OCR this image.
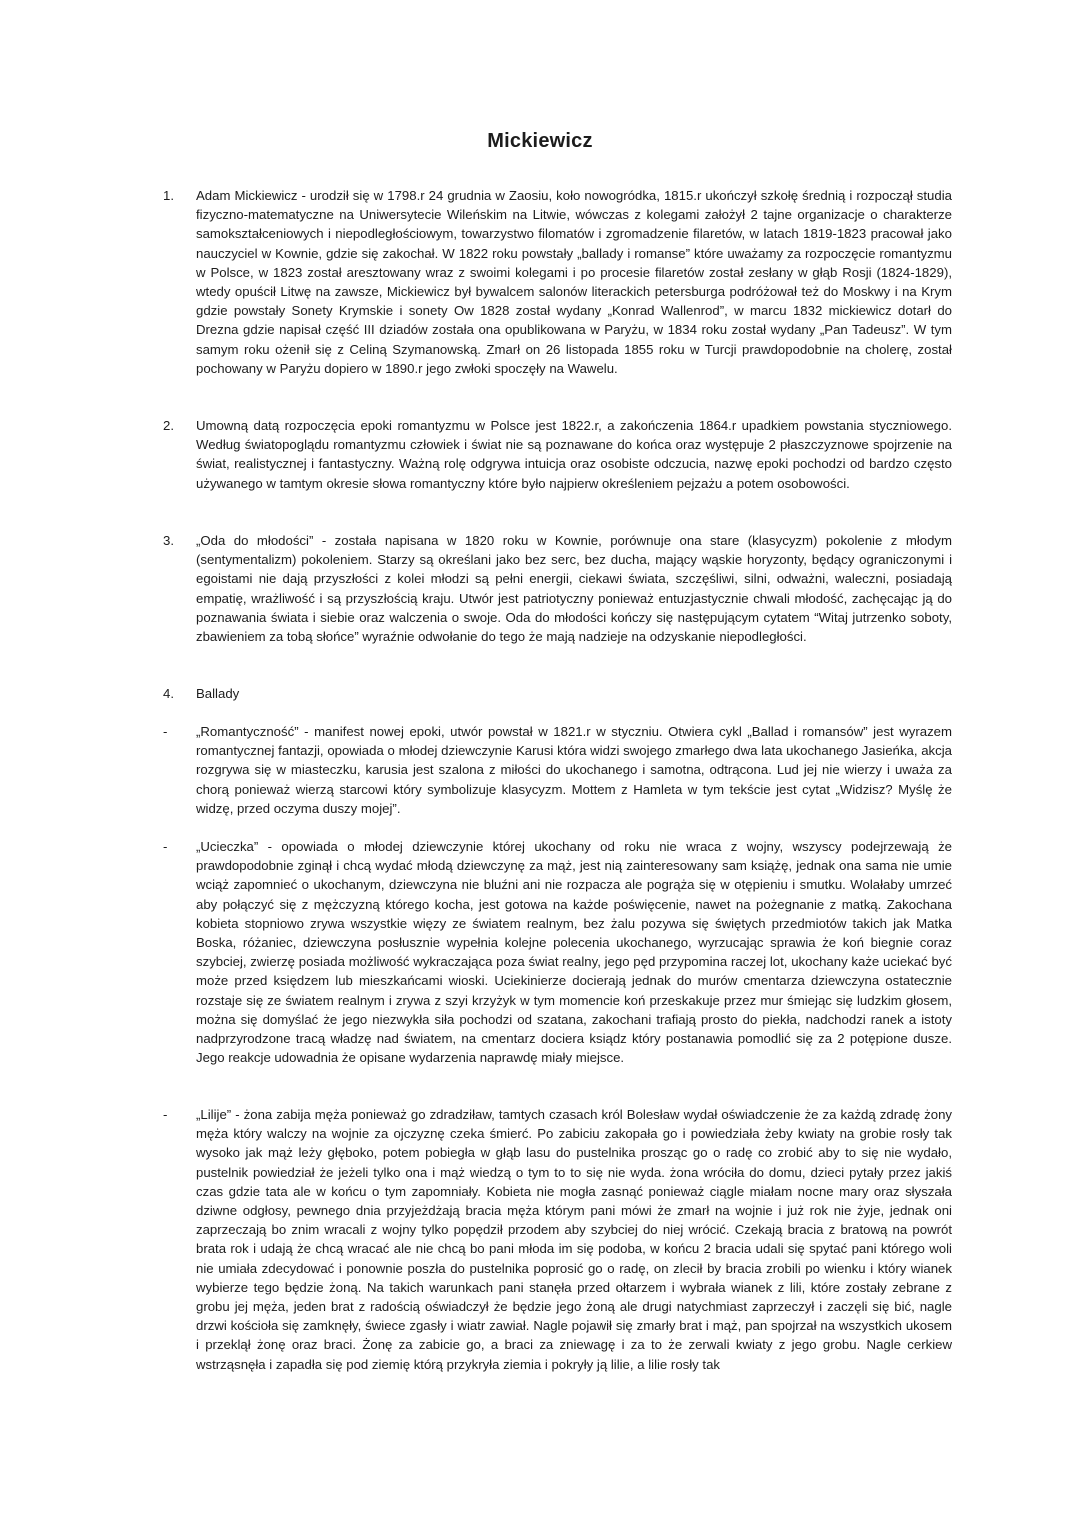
Mickiewicz
1. Adam Mickiewicz - urodził się w 1798.r 24 grudnia w Zaosiu, koło nowogródka, 1815.r ukończył szkołę średnią i rozpoczął studia fizyczno-matematyczne na Uniwersytecie Wileńskim na Litwie, wówczas z kolegami założył 2 tajne organizacje o charakterze samokształceniowych i niepodległościowym, towarzystwo filomatów i zgromadzenie filaretów, w latach 1819-1823 pracował jako nauczyciel w Kownie, gdzie się zakochał. W 1822 roku powstały „ballady i romanse” które uważamy za rozpoczęcie romantyzmu w Polsce, w 1823 został aresztowany wraz z swoimi kolegami i po procesie filaretów został zesłany w głąb Rosji (1824-1829), wtedy opuścił Litwę na zawsze, Mickiewicz był bywalcem salonów literackich petersburga podróżował też do Moskwy i na Krym gdzie powstały Sonety Krymskie i sonety Ow 1828 został wydany „Konrad Wallenrod”, w marcu 1832 mickiewicz dotarł do Drezna gdzie napisał część III dziadów została ona opublikowana w Paryżu, w 1834 roku został wydany „Pan Tadeusz”. W tym samym roku ożenił się z Celiną Szymanowską. Zmarł on 26 listopada 1855 roku w Turcji prawdopodobnie na cholerę, został pochowany w Paryżu dopiero w 1890.r jego zwłoki spoczęły na Wawelu.
2. Umowną datą rozpoczęcia epoki romantyzmu w Polsce jest 1822.r, a zakończenia 1864.r upadkiem powstania styczniowego. Według światopoglądu romantyzmu człowiek i świat nie są poznawane do końca oraz występuje 2 płaszczyznowe spojrzenie na świat, realistycznej i fantastyczny. Ważną rolę odgrywa intuicja oraz osobiste odczucia, nazwę epoki pochodzi od bardzo często używanego w tamtym okresie słowa romantyczny które było najpierw określeniem pejzażu a potem osobowości.
3. „Oda do młodości” - została napisana w 1820 roku w Kownie, porównuje ona stare (klasycyzm) pokolenie z młodym (sentymentalizm) pokoleniem. Starzy są określani jako bez serc, bez ducha, mający wąskie horyzonty, będący ograniczonymi i egoistami nie dają przyszłości z kolei młodzi są pełni energii, ciekawi świata, szczęśliwi, silni, odważni, waleczni, posiadają empatię, wrażliwość i są przyszłością kraju. Utwór jest patriotyczny ponieważ entuzjastycznie chwali młodość, zachęcając ją do poznawania świata i siebie oraz walczenia o swoje. Oda do młodości kończy się następującym cytatem “Witaj jutrzenko soboty, zbawieniem za tobą słońce” wyraźnie odwołanie do tego że mają nadzieje na odzyskanie niepodległości.
4. Ballady
- „Romantyczność” - manifest nowej epoki, utwór powstał w 1821.r w styczniu. Otwiera cykl „Ballad i romansów” jest wyrazem romantycznej fantazji, opowiada o młodej dziewczynie Karusi która widzi swojego zmarłego dwa lata ukochanego Jasieńka, akcja rozgrywa się w miasteczku, karusia jest szalona z miłości do ukochanego i samotna, odtrącona. Lud jej nie wierzy i uważa za chorą ponieważ wierzą starcowi który symbolizuje klasycyzm. Mottem z Hamleta w tym tekście jest cytat „Widzisz? Myślę że widzę, przed oczyma duszy mojej”.
- „Ucieczka” - opowiada o młodej dziewczynie której ukochany od roku nie wraca z wojny, wszyscy podejrzewają że prawdopodobnie zginął i chcą wydać młodą dziewczynę za mąż, jest nią zainteresowany sam książę, jednak ona sama nie umie wciąż zapomnieć o ukochanym, dziewczyna nie bluźni ani nie rozpacza ale pogrąża się w otępieniu i smutku. Wolałaby umrzeć aby połączyć się z mężczyzną którego kocha, jest gotowa na każde poświęcenie, nawet na pożegnanie z matką. Zakochana kobieta stopniowo zrywa wszystkie więzy ze światem realnym, bez żalu pozywa się świętych przedmiotów takich jak Matka Boska, różaniec, dziewczyna posłusznie wypełnia kolejne polecenia ukochanego, wyrzucając sprawia że koń biegnie coraz szybciej, zwierzę posiada możliwość wykraczająca poza świat realny, jego pęd przypomina raczej lot, ukochany każe uciekać być może przed księdzem lub mieszkańcami wioski. Uciekinierze docierają jednak do murów cmentarza dziewczyna ostatecznie rozstaje się ze światem realnym i zrywa z szyi krzyżyk w tym momencie koń przeskakuje przez mur śmiejąc się ludzkim głosem, można się domyślać że jego niezwykła siła pochodzi od szatana, zakochani trafiają prosto do piekła, nadchodzi ranek a istoty nadprzyrodzone tracą władzę nad światem, na cmentarz dociera ksiądz który postanawia pomodlić się za 2 potępione dusze. Jego reakcje udowadnia że opisane wydarzenia naprawdę miały miejsce.
- „Lilije” - żona zabija męża ponieważ go zdradziław, tamtych czasach król Bolesław wydał oświadczenie że za każdą zdradę żony męża który walczy na wojnie za ojczyznę czeka śmierć. Po zabiciu zakopała go i powiedziała żeby kwiaty na grobie rosły tak wysoko jak mąż leży głęboko, potem pobiegła w głąb lasu do pustelnika prosząc go o radę co zrobić aby to się nie wydało, pustelnik powiedział że jeżeli tylko ona i mąż wiedzą o tym to to się nie wyda. żona wróciła do domu, dzieci pytały przez jakiś czas gdzie tata ale w końcu o tym zapomniały. Kobieta nie mogła zasnąć ponieważ ciągle miałam nocne mary oraz słyszała dziwne odgłosy, pewnego dnia przyjeżdżają bracia męża którym pani mówi że zmarł na wojnie i już rok nie żyje, jednak oni zaprzeczają bo znim wracali z wojny tylko popędził przodem aby szybciej do niej wrócić. Czekają bracia z bratową na powrót brata rok i udają że chcą wracać ale nie chcą bo pani młoda im się podoba, w końcu 2 bracia udali się spytać pani którego woli nie umiała zdecydować i ponownie poszła do pustelnika poprosić go o radę, on zlecił by bracia zrobili po wienku i który wianek wybierze tego będzie żoną. Na takich warunkach pani stanęła przed ołtarzem i wybrała wianek z lili, które zostały zebrane z grobu jej męża, jeden brat z radością oświadczył że będzie jego żoną ale drugi natychmiast zaprzeczył i zaczęli się bić, nagle drzwi kościoła się zamknęły, świece zgasły i wiatr zawiał. Nagle pojawił się zmarły brat i mąż, pan spojrzał na wszystkich ukosem i przeklął żonę oraz braci. Żonę za zabicie go, a braci za zniewagę i za to że zerwali kwiaty z jego grobu. Nagle cerkiew wstrząsnęła i zapadła się pod ziemię którą przykryła ziemia i pokryły ją lilie, a lilie rosły tak
